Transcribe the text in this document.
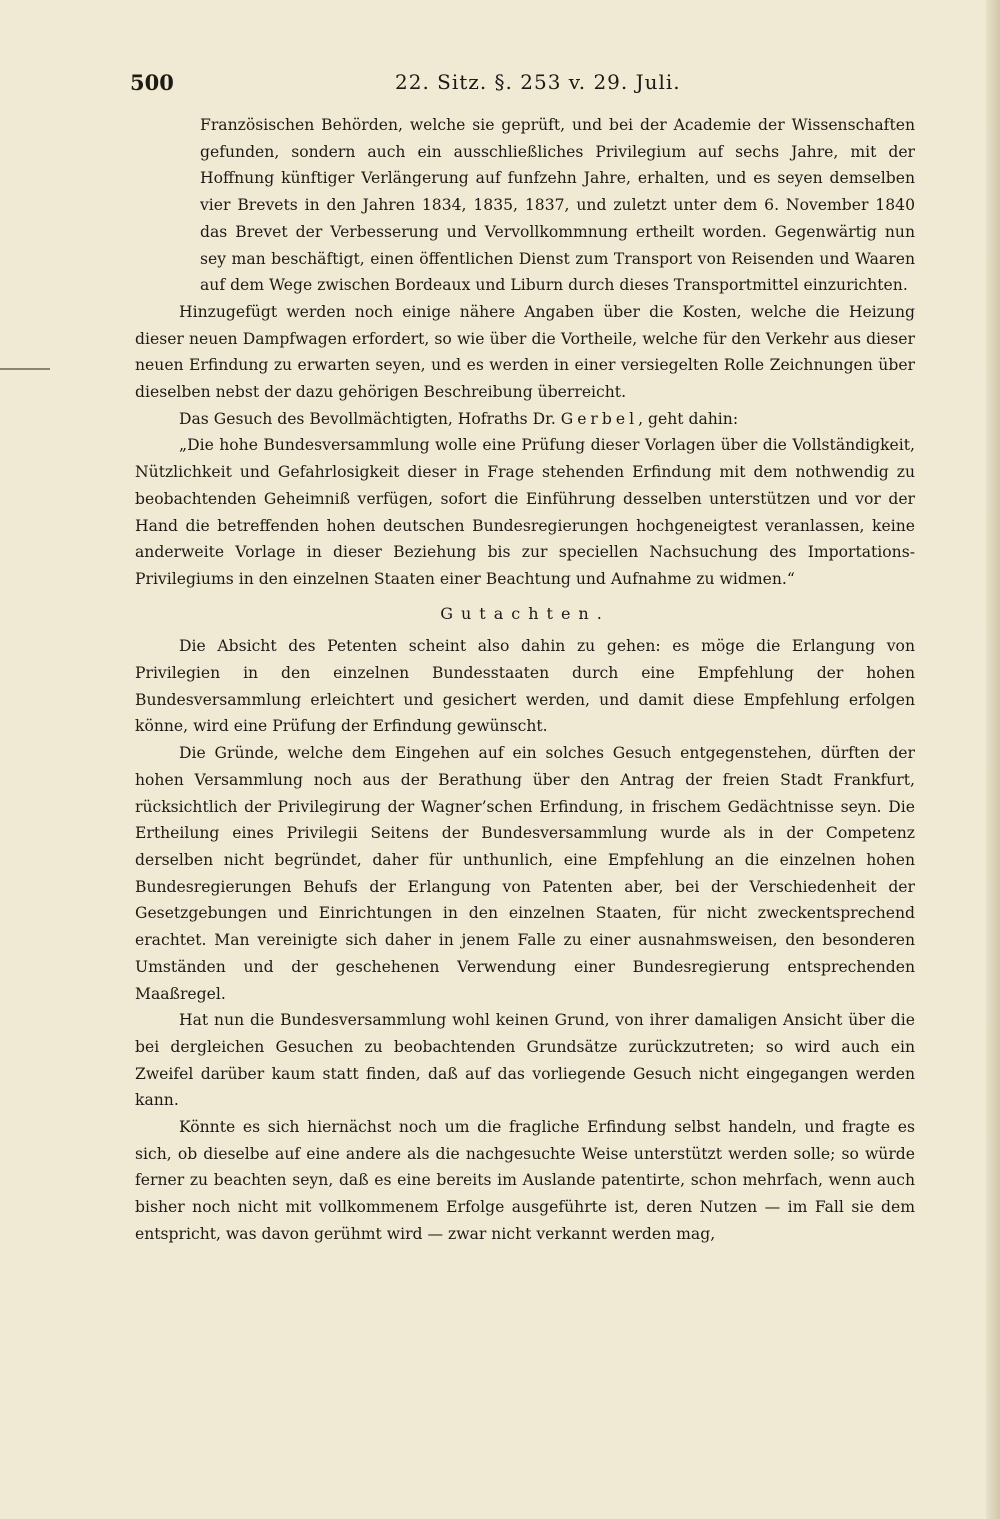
500	22. Sitz. §. 253 v. 29. Juli.

Französischen Behörden, welche sie geprüft, und bei der Academie der Wissenschaften gefunden, sondern auch ein ausschließliches Privilegium auf sechs Jahre, mit der Hoffnung künftiger Verlängerung auf funfzehn Jahre, erhalten, und es seyen demselben vier Brevets in den Jahren 1834, 1835, 1837, und zuletzt unter dem 6. November 1840 das Brevet der Verbesserung und Vervollkommnung ertheilt worden. Gegenwärtig nun sey man beschäftigt, einen öffentlichen Dienst zum Transport von Reisenden und Waaren auf dem Wege zwischen Bordeaux und Liburn durch dieses Transportmittel einzurichten.

Hinzugefügt werden noch einige nähere Angaben über die Kosten, welche die Heizung dieser neuen Dampfwagen erfordert, so wie über die Vortheile, welche für den Verkehr aus dieser neuen Erfindung zu erwarten seyen, und es werden in einer versiegelten Rolle Zeichnungen über dieselben nebst der dazu gehörigen Beschreibung überreicht.

Das Gesuch des Bevollmächtigten, Hofraths Dr. Gerbel, geht dahin:

„Die hohe Bundesversammlung wolle eine Prüfung dieser Vorlagen über die Vollständigkeit, Nützlichkeit und Gefahrlosigkeit dieser in Frage stehenden Erfindung mit dem nothwendig zu beobachtenden Geheimniß verfügen, sofort die Einführung desselben unterstützen und vor der Hand die betreffenden hohen deutschen Bundesregierungen hochgeneigtest veranlassen, keine anderweite Vorlage in dieser Beziehung bis zur speciellen Nachsuchung des Importations-Privilegiums in den einzelnen Staaten einer Beachtung und Aufnahme zu widmen.“

Gutachten.

Die Absicht des Petenten scheint also dahin zu gehen: es möge die Erlangung von Privilegien in den einzelnen Bundesstaaten durch eine Empfehlung der hohen Bundesversammlung erleichtert und gesichert werden, und damit diese Empfehlung erfolgen könne, wird eine Prüfung der Erfindung gewünscht.

Die Gründe, welche dem Eingehen auf ein solches Gesuch entgegenstehen, dürften der hohen Versammlung noch aus der Berathung über den Antrag der freien Stadt Frankfurt, rücksichtlich der Privilegirung der Wagner’schen Erfindung, in frischem Gedächtnisse seyn. Die Ertheilung eines Privilegii Seitens der Bundesversammlung wurde als in der Competenz derselben nicht begründet, daher für unthunlich, eine Empfehlung an die einzelnen hohen Bundesregierungen Behufs der Erlangung von Patenten aber, bei der Verschiedenheit der Gesetzgebungen und Einrichtungen in den einzelnen Staaten, für nicht zweckentsprechend erachtet. Man vereinigte sich daher in jenem Falle zu einer ausnahmsweisen, den besonderen Umständen und der geschehenen Verwendung einer Bundesregierung entsprechenden Maaßregel.

Hat nun die Bundesversammlung wohl keinen Grund, von ihrer damaligen Ansicht über die bei dergleichen Gesuchen zu beobachtenden Grundsätze zurückzutreten; so wird auch ein Zweifel darüber kaum statt finden, daß auf das vorliegende Gesuch nicht eingegangen werden kann.

Könnte es sich hiernächst noch um die fragliche Erfindung selbst handeln, und fragte es sich, ob dieselbe auf eine andere als die nachgesuchte Weise unterstützt werden solle; so würde ferner zu beachten seyn, daß es eine bereits im Auslande patentirte, schon mehrfach, wenn auch bisher noch nicht mit vollkommenem Erfolge ausgeführte ist, deren Nutzen — im Fall sie dem entspricht, was davon gerühmt wird — zwar nicht verkannt werden mag,
